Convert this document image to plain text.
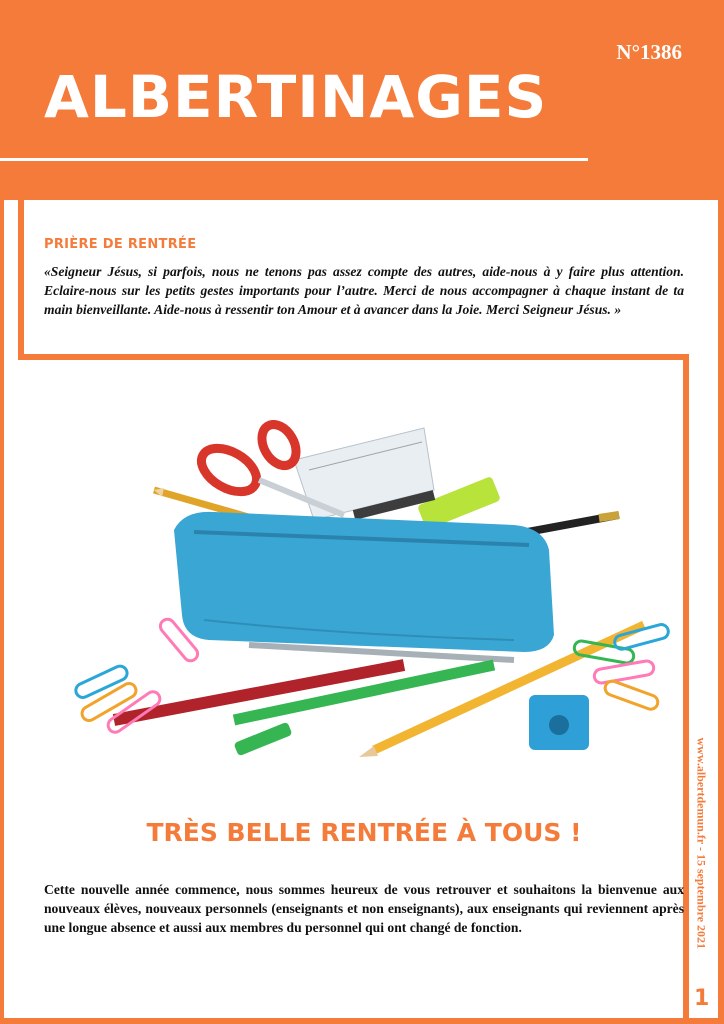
N°1386
ALBERTINAGES
PRIÈRE DE RENTRÉE
«Seigneur Jésus, si parfois, nous ne tenons pas assez compte des autres, aide-nous à y faire plus attention. Eclaire-nous sur les petits gestes importants pour l’autre. Merci de nous accompagner à chaque instant de ta main bienveillante. Aide-nous à ressentir ton Amour et à avancer dans la Joie. Merci Seigneur Jésus. »
TRÈS BELLE RENTRÉE À TOUS !
Cette nouvelle année commence, nous sommes heureux de vous retrouver et souhaitons la bienvenue aux nouveaux élèves, nouveaux personnels (enseignants et non enseignants), aux enseignants qui reviennent après une longue absence et aussi aux membres du personnel qui ont changé de fonction.	www.albertdemun.fr - 15 septembre 2021
1
